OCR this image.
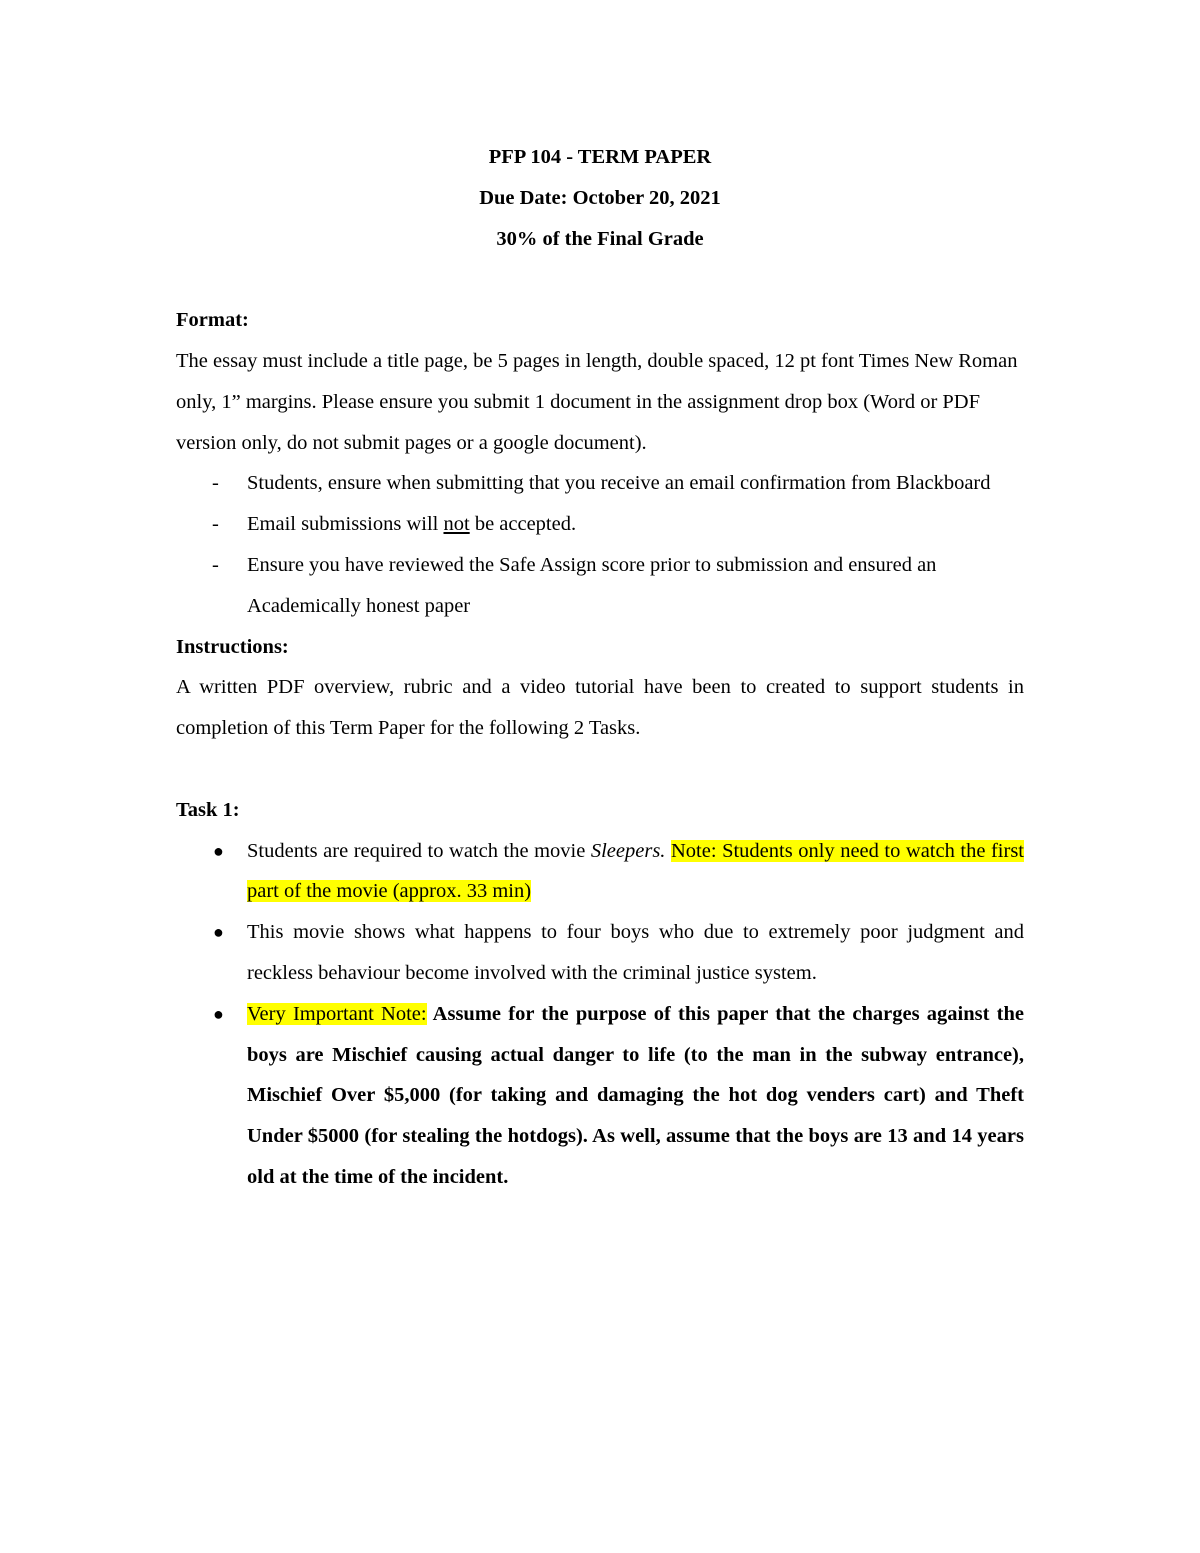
PFP 104 - TERM PAPER

Due Date: October 20, 2021

30% of the Final Grade

Format:

The essay must include a title page, be 5 pages in length, double spaced, 12 pt font Times New Roman only, 1” margins. Please ensure you submit 1 document in the assignment drop box (Word or PDF version only, do not submit pages or a google document).

- Students, ensure when submitting that you receive an email confirmation from Blackboard
- Email submissions will not be accepted.
- Ensure you have reviewed the Safe Assign score prior to submission and ensured an Academically honest paper

Instructions:

A written PDF overview, rubric and a video tutorial have been to created to support students in completion of this Term Paper for the following 2 Tasks.

Task 1:

● Students are required to watch the movie Sleepers. Note: Students only need to watch the first part of the movie (approx. 33 min)
● This movie shows what happens to four boys who due to extremely poor judgment and reckless behaviour become involved with the criminal justice system.
● Very Important Note: Assume for the purpose of this paper that the charges against the boys are Mischief causing actual danger to life (to the man in the subway entrance), Mischief Over $5,000 (for taking and damaging the hot dog venders cart) and Theft Under $5000 (for stealing the hotdogs). As well, assume that the boys are 13 and 14 years old at the time of the incident.
